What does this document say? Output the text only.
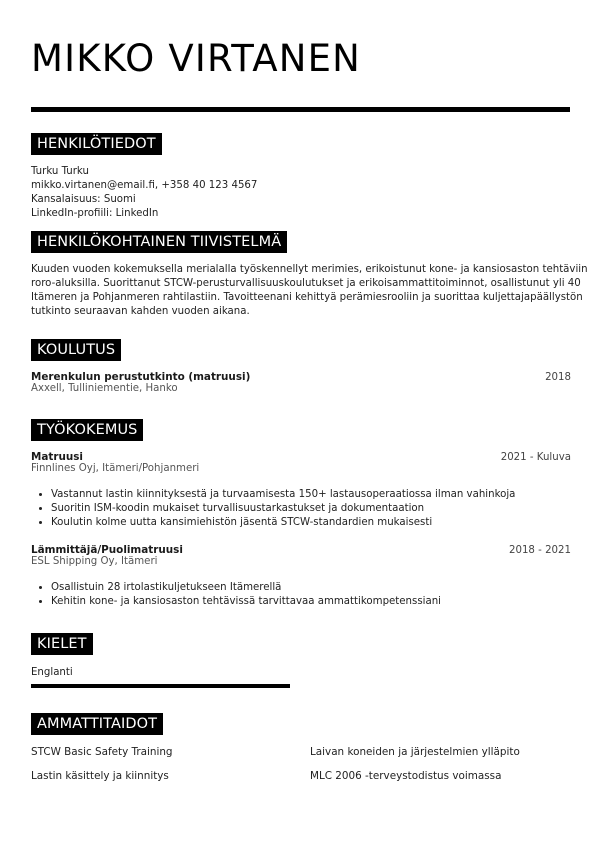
MIKKO VIRTANEN
HENKILÖTIEDOT
Turku Turku
mikko.virtanen@email.fi, +358 40 123 4567
Kansalaisuus: Suomi
LinkedIn-profiili: LinkedIn
HENKILÖKOHTAINEN TIIVISTELMÄ

Kuuden vuoden kokemuksella merialalla työskennellyt merimies, erikoistunut kone- ja kansiosaston tehtäviin

roro-aluksilla. Suorittanut STCW-perusturvallisuuskoulutukset ja erikoisammattitoiminnot, osallistunut yli 40

Itämeren ja Pohjanmeren rahtilastiin. Tavoitteenani kehittyä perämiesrooliin ja suorittaa kuljettajapäällystön

tutkinto seuraavan kahden vuoden aikana.

KOULUTUS
Merenkulun perustutkinto (matruusi)	2018
Axxell, Tulliniementie, Hanko
TYÖKOKEMUS
Matruusi	2021 - Kuluva
Finnlines Oyj, Itämeri/Pohjanmeri
• Vastannut lastin kiinnityksestä ja turvaamisesta 150+ lastausoperaatiossa ilman vahinkoja
• Suoritin ISM-koodin mukaiset turvallisuustarkastukset ja dokumentaation
• Koulutin kolme uutta kansimiehistön jäsentä STCW-standardien mukaisesti
Lämmittäjä/Puolimatruusi	2018 - 2021
ESL Shipping Oy, Itämeri
• Osallistuin 28 irtolastikuljetukseen Itämerellä
• Kehitin kone- ja kansiosaston tehtävissä tarvittavaa ammattikompetenssiani
KIELET
Englanti
AMMATTITAIDOT
STCW Basic Safety Training	Laivan koneiden ja järjestelmien ylläpito
Lastin käsittely ja kiinnitys	MLC 2006 -terveystodistus voimassa
